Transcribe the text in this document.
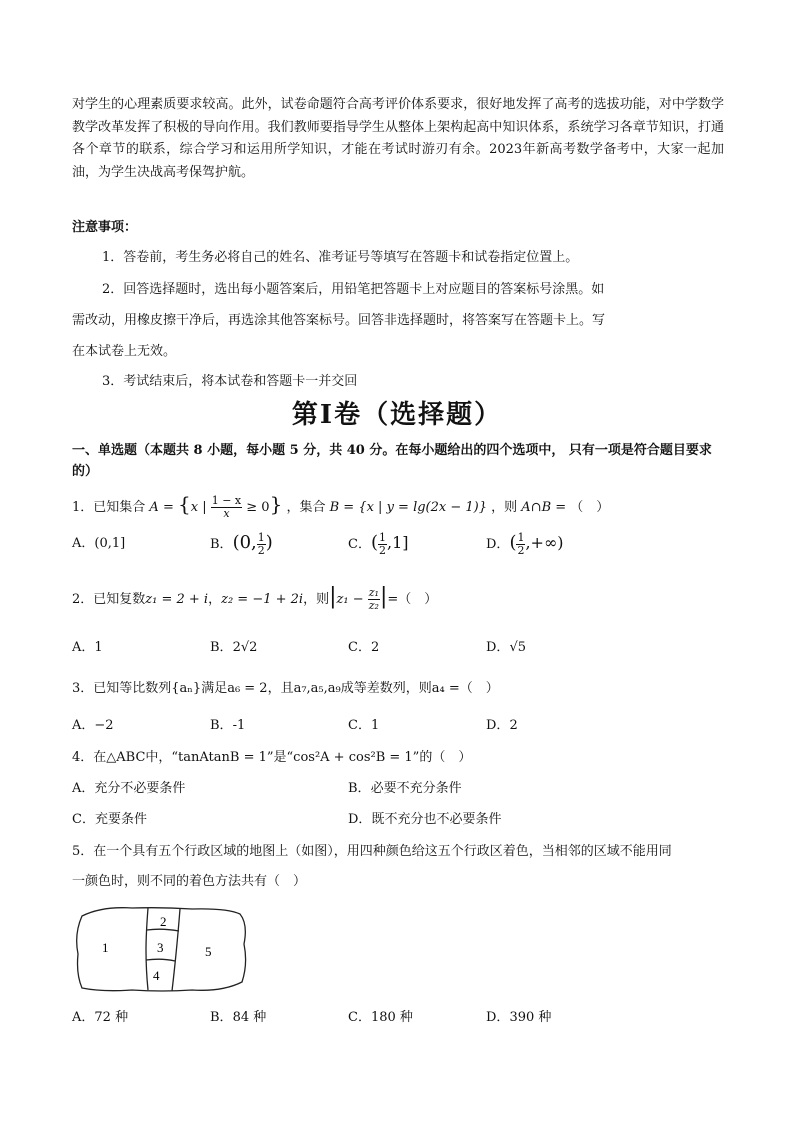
对学生的心理素质要求较高。此外，试卷命题符合高考评价体系要求，很好地发挥了高考的选拔功能，对中学数学教学改革发挥了积极的导向作用。我们教师要指导学生从整体上架构起高中知识体系，系统学习各章节知识，打通各个章节的联系，综合学习和运用所学知识，才能在考试时游刃有余。2023年新高考数学备考中，大家一起加油，为学生决战高考保驾护航。
注意事项：
1．答卷前，考生务必将自己的姓名、准考证号等填写在答题卡和试卷指定位置上。
2．回答选择题时，选出每小题答案后，用铅笔把答题卡上对应题目的答案标号涂黑。如
需改动，用橡皮擦干净后，再选涂其他答案标号。回答非选择题时，将答案写在答题卡上。写
在本试卷上无效。
3．考试结束后，将本试卷和答题卡一并交回
第Ⅰ卷（选择题）
一、单选题（本题共 8 小题，每小题 5 分，共 40 分。在每小题给出的四个选项中， 只有一项是符合题目要求的）
1．已知集合 A = {x | $\frac{1 - x}{x} \ge 0$} ，集合 B = {x | y = lg(2x − 1)} ，则 A∩B = （　）
A．(0,1]	B．(0, $\frac{1}{2}$ )	C．( $\frac{1}{2} ,1$]	D．( $\frac{1}{2}$ ,+∞)
2．已知复数z₁ = 2 + i，z₂ = −1 + 2i，则$|z_1 - \frac{\text{z₁}}{\text{z₂}}$ |=（　）
A．1	B．2√2	C．2	D．√5
3．已知等比数列{aₙ}满足a₆ = 2，且a₇,a₅,a₉成等差数列，则a₄ =（　）
A．−2	B．-1	C．1	D．2
4．在△ABC中，“tanAtanB = 1”是“cos²A + cos²B = 1”的（　）
A．充分不必要条件	B．必要不充分条件
C．充要条件	D．既不充分也不必要条件
5．在一个具有五个行政区域的地图上（如图），用四种颜色给这五个行政区着色，当相邻的区域不能用同
一颜色时，则不同的着色方法共有（　）
1
2
3
4
5
A．72 种	B．84 种	C．180 种	D．390 种
